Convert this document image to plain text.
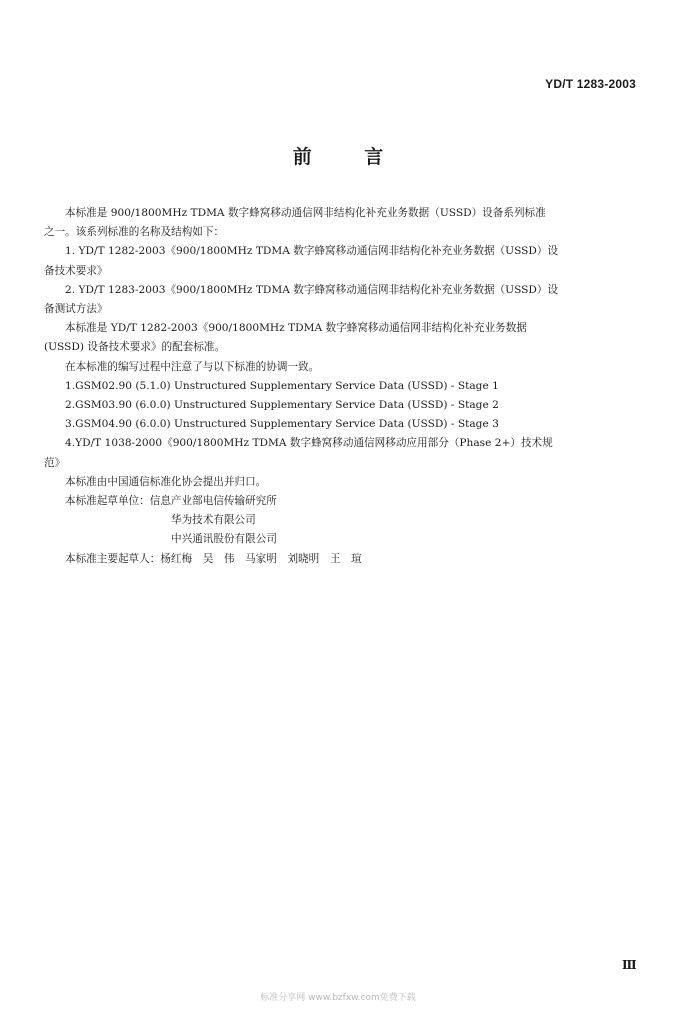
YD/T 1283-2003
前 言

本标准是 900/1800MHz TDMA 数字蜂窝移动通信网非结构化补充业务数据（USSD）设备系列标准

之一。该系列标准的名称及结构如下：

1. YD/T 1282-2003《900/1800MHz TDMA 数字蜂窝移动通信网非结构化补充业务数据（USSD）设

备技术要求》

2. YD/T 1283-2003《900/1800MHz TDMA 数字蜂窝移动通信网非结构化补充业务数据（USSD）设

备测试方法》

本标准是 YD/T 1282-2003《900/1800MHz TDMA 数字蜂窝移动通信网非结构化补充业务数据

(USSD) 设备技术要求》的配套标准。

在本标准的编写过程中注意了与以下标准的协调一致。

1.GSM02.90 (5.1.0) Unstructured Supplementary Service Data (USSD) - Stage 1

2.GSM03.90 (6.0.0) Unstructured Supplementary Service Data (USSD) - Stage 2

3.GSM04.90 (6.0.0) Unstructured Supplementary Service Data (USSD) - Stage 3

4.YD/T 1038-2000《900/1800MHz TDMA 数字蜂窝移动通信网移动应用部分（Phase 2+）技术规

范》

本标准由中国通信标准化协会提出并归口。

本标准起草单位：信息产业部电信传输研究所

华为技术有限公司

中兴通讯股份有限公司

本标准主要起草人：杨红梅　吴　伟　马家明　刘晓明　王　瑄

Ⅲ
标准分享网 www.bzfxw.com免费下载
